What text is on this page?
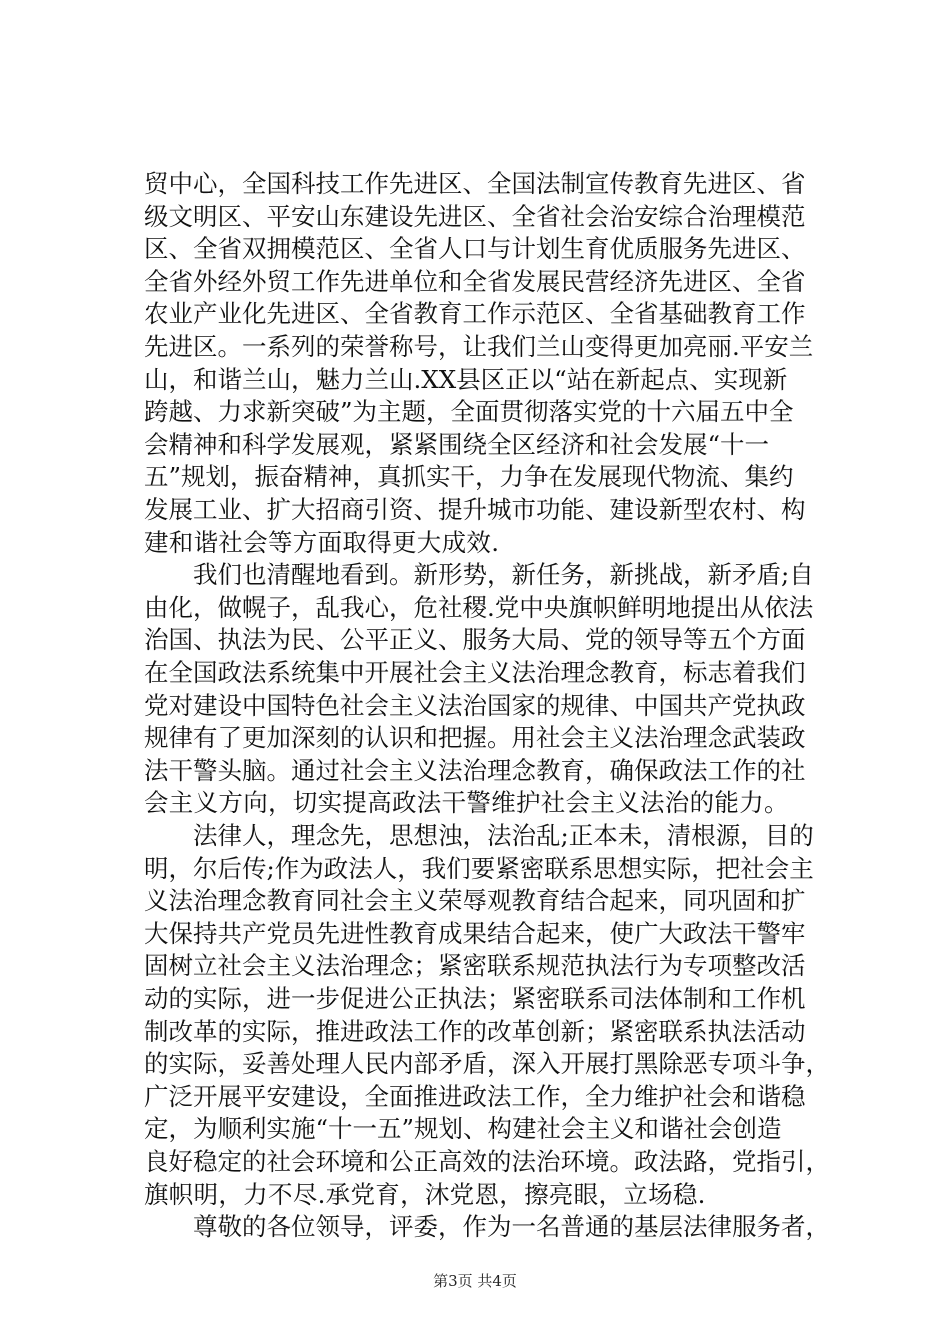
贸中心，全国科技工作先进区、全国法制宣传教育先进区、省
级文明区、平安山东建设先进区、全省社会治安综合治理模范
区、全省双拥模范区、全省人口与计划生育优质服务先进区、
全省外经外贸工作先进单位和全省发展民营经济先进区、全省
农业产业化先进区、全省教育工作示范区、全省基础教育工作
先进区。一系列的荣誉称号，让我们兰山变得更加亮丽.平安兰
山，和谐兰山，魅力兰山.XX县区正以“站在新起点、实现新
跨越、力求新突破”为主题，全面贯彻落实党的十六届五中全
会精神和科学发展观，紧紧围绕全区经济和社会发展“十一
五”规划，振奋精神，真抓实干，力争在发展现代物流、集约
发展工业、扩大招商引资、提升城市功能、建设新型农村、构
建和谐社会等方面取得更大成效.
我们也清醒地看到。新形势，新任务，新挑战，新矛盾;自
由化，做幌子，乱我心，危社稷.党中央旗帜鲜明地提出从依法
治国、执法为民、公平正义、服务大局、党的领导等五个方面
在全国政法系统集中开展社会主义法治理念教育，标志着我们
党对建设中国特色社会主义法治国家的规律、中国共产党执政
规律有了更加深刻的认识和把握。用社会主义法治理念武装政
法干警头脑。通过社会主义法治理念教育，确保政法工作的社
会主义方向，切实提高政法干警维护社会主义法治的能力。
法律人，理念先，思想浊，法治乱;正本未，清根源，目的
明，尔后传;作为政法人，我们要紧密联系思想实际，把社会主
义法治理念教育同社会主义荣辱观教育结合起来，同巩固和扩
大保持共产党员先进性教育成果结合起来，使广大政法干警牢
固树立社会主义法治理念；紧密联系规范执法行为专项整改活
动的实际，进一步促进公正执法；紧密联系司法体制和工作机
制改革的实际，推进政法工作的改革创新；紧密联系执法活动
的实际，妥善处理人民内部矛盾，深入开展打黑除恶专项斗争，
广泛开展平安建设，全面推进政法工作，全力维护社会和谐稳
定，为顺利实施“十一五”规划、构建社会主义和谐社会创造
良好稳定的社会环境和公正高效的法治环境。政法路，党指引，
旗帜明，力不尽.承党育，沐党恩，擦亮眼，立场稳.
尊敬的各位领导，评委，作为一名普通的基层法律服务者，
第3页 共4页
